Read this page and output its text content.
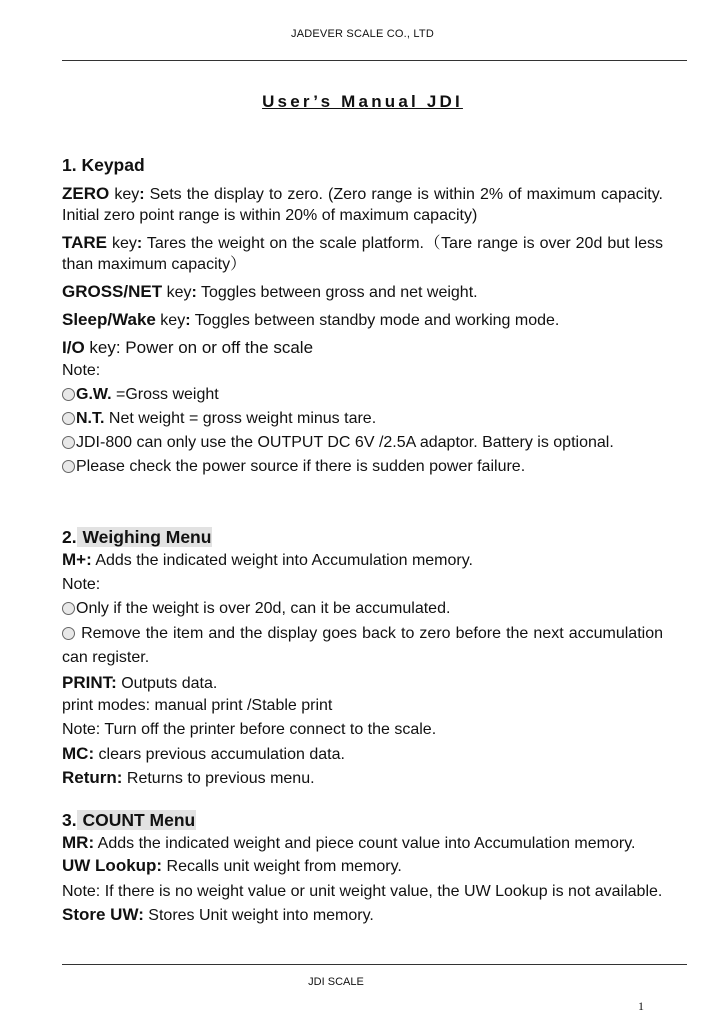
JADEVER SCALE CO., LTD
User’s Manual JDI

1. Keypad

ZERO key: Sets the display to zero. (Zero range is within 2% of maximum capacity. Initial zero point range is within 20% of maximum capacity)

TARE key: Tares the weight on the scale platform.（Tare range is over 20d but less than maximum capacity）

GROSS/NET key: Toggles between gross and net weight.

Sleep/Wake key: Toggles between standby mode and working mode.

I/O key: Power on or off the scale

Note:

G.W. =Gross weight

N.T. Net weight = gross weight minus tare.

JDI-800 can only use the OUTPUT DC 6V /2.5A adaptor. Battery is optional.

Please check the power source if there is sudden power failure.

2. Weighing Menu

M+: Adds the indicated weight into Accumulation memory.

Note:

Only if the weight is over 20d, can it be accumulated.

Remove the item and the display goes back to zero before the next accumulation can register.

PRINT: Outputs data.

print modes: manual print /Stable print

Note: Turn off the printer before connect to the scale.

MC: clears previous accumulation data.

Return: Returns to previous menu.

3. COUNT Menu

MR: Adds the indicated weight and piece count value into Accumulation memory.

UW Lookup: Recalls unit weight from memory.

Note: If there is no weight value or unit weight value, the UW Lookup is not available.

Store UW: Stores Unit weight into memory.

JDI SCALE
1
